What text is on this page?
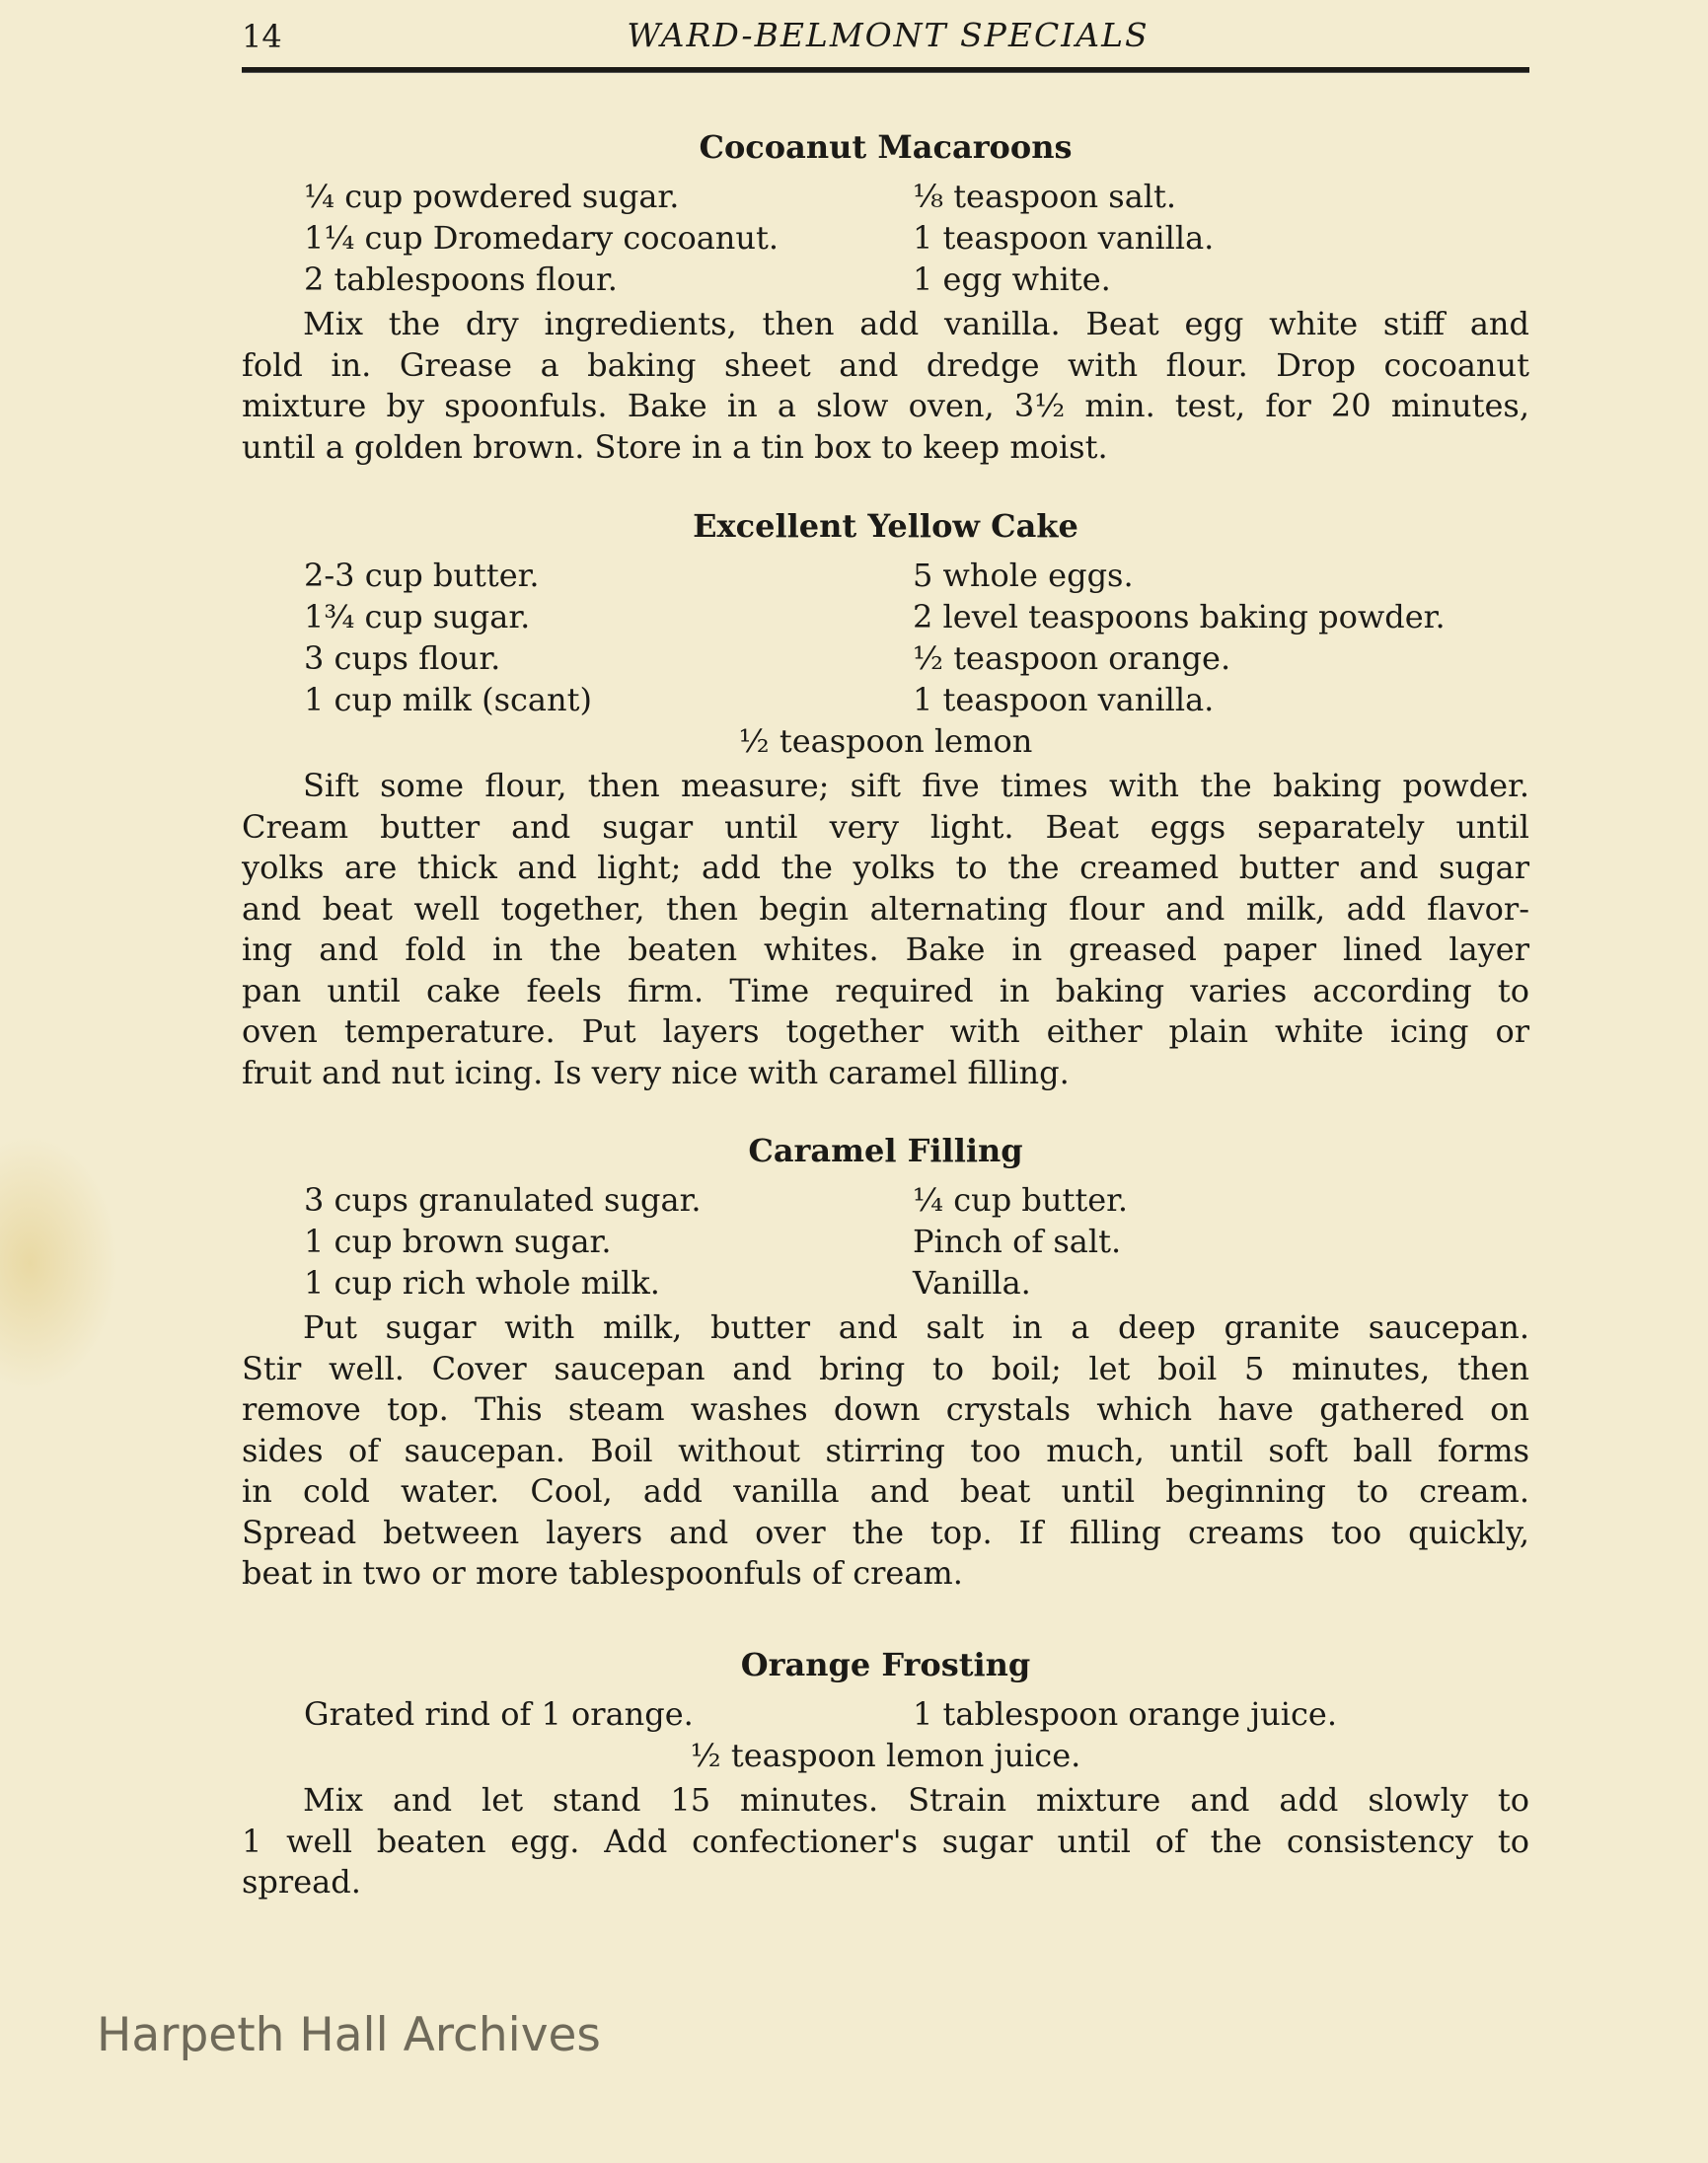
14	WARD-BELMONT SPECIALS
Cocoanut Macaroons
¼ cup powdered sugar.	⅛ teaspoon salt.
1¼ cup Dromedary cocoanut.	1 teaspoon vanilla.
2 tablespoons flour.	1 egg white.
Mix the dry ingredients, then add vanilla. Beat egg white stiff and
fold in. Grease a baking sheet and dredge with flour. Drop cocoanut
mixture by spoonfuls. Bake in a slow oven, 3½ min. test, for 20 minutes,
until a golden brown. Store in a tin box to keep moist.
Excellent Yellow Cake
2-3 cup butter.	5 whole eggs.
1¾ cup sugar.	2 level teaspoons baking powder.
3 cups flour.	½ teaspoon orange.
1 cup milk (scant)	1 teaspoon vanilla.
½ teaspoon lemon
Sift some flour, then measure; sift five times with the baking powder.
Cream butter and sugar until very light. Beat eggs separately until
yolks are thick and light; add the yolks to the creamed butter and sugar
and beat well together, then begin alternating flour and milk, add flavor-
ing and fold in the beaten whites. Bake in greased paper lined layer
pan until cake feels firm. Time required in baking varies according to
oven temperature. Put layers together with either plain white icing or
fruit and nut icing. Is very nice with caramel filling.
Caramel Filling
3 cups granulated sugar.	¼ cup butter.
1 cup brown sugar.	Pinch of salt.
1 cup rich whole milk.	Vanilla.
Put sugar with milk, butter and salt in a deep granite saucepan.
Stir well. Cover saucepan and bring to boil; let boil 5 minutes, then
remove top. This steam washes down crystals which have gathered on
sides of saucepan. Boil without stirring too much, until soft ball forms
in cold water. Cool, add vanilla and beat until beginning to cream.
Spread between layers and over the top. If filling creams too quickly,
beat in two or more tablespoonfuls of cream.
Orange Frosting
Grated rind of 1 orange.	1 tablespoon orange juice.
½ teaspoon lemon juice.
Mix and let stand 15 minutes. Strain mixture and add slowly to
1 well beaten egg. Add confectioner's sugar until of the consistency to
spread.
Harpeth Hall Archives
